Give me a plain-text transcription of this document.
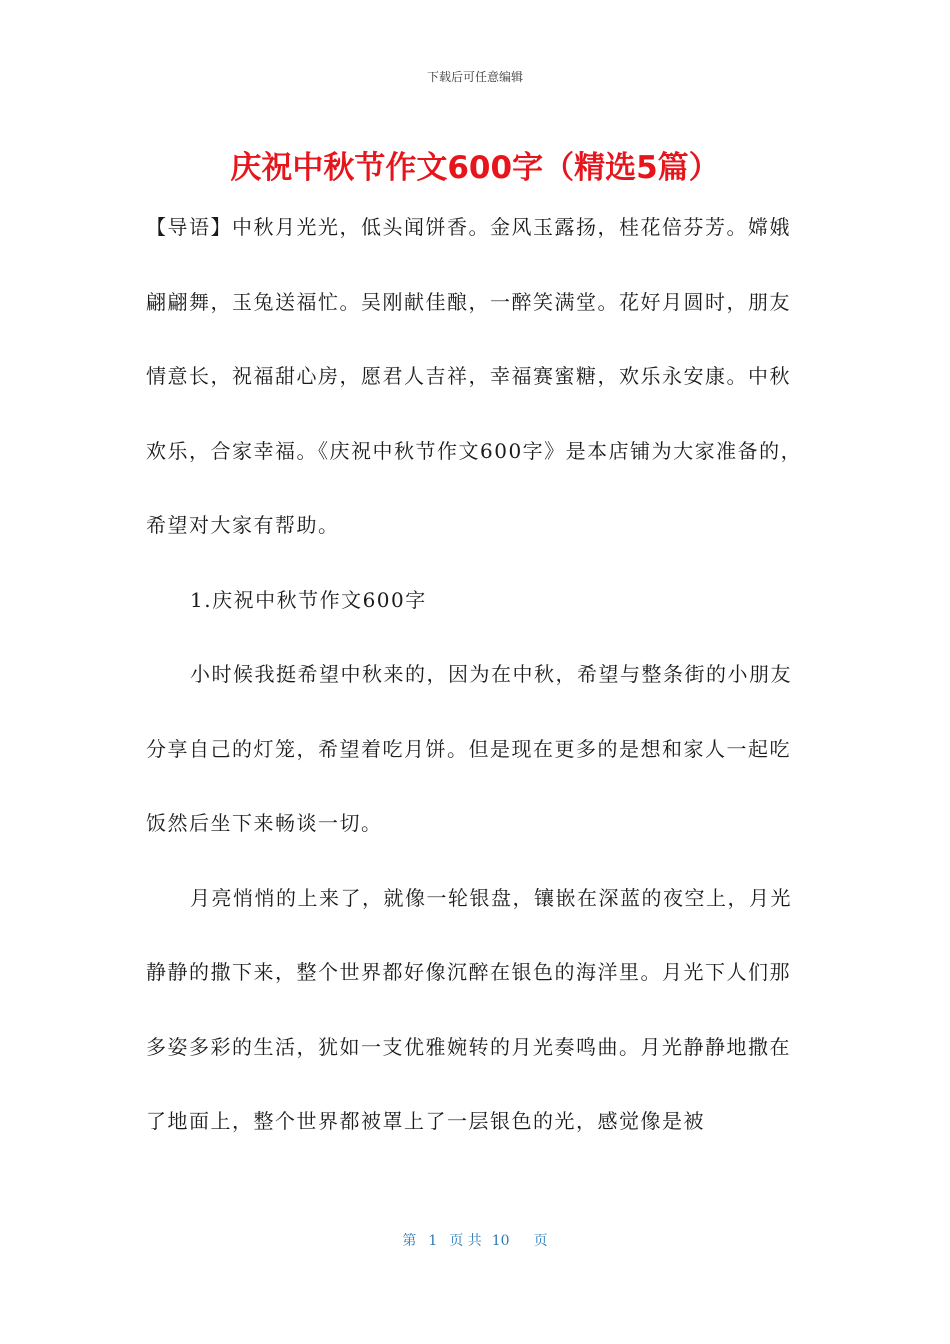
下载后可任意编辑
庆祝中秋节作文600字（精选5篇）

【导语】中秋月光光，低头闻饼香。金风玉露扬，桂花倍芬芳。嫦娥翩翩舞，玉兔送福忙。吴刚献佳酿，一醉笑满堂。花好月圆时，朋友情意长，祝福甜心房，愿君人吉祥，幸福赛蜜糖，欢乐永安康。中秋欢乐，合家幸福。《庆祝中秋节作文600字》是本店铺为大家准备的，希望对大家有帮助。

1.庆祝中秋节作文600字

小时候我挺希望中秋来的，因为在中秋，希望与整条街的小朋友分享自己的灯笼，希望着吃月饼。但是现在更多的是想和家人一起吃饭然后坐下来畅谈一切。

月亮悄悄的上来了，就像一轮银盘，镶嵌在深蓝的夜空上，月光静静的撒下来，整个世界都好像沉醉在银色的海洋里。月光下人们那多姿多彩的生活，犹如一支优雅婉转的月光奏鸣曲。月光静静地撒在了地面上，整个世界都被罩上了一层银色的光，感觉像是被

第 1 页 共 10 页
